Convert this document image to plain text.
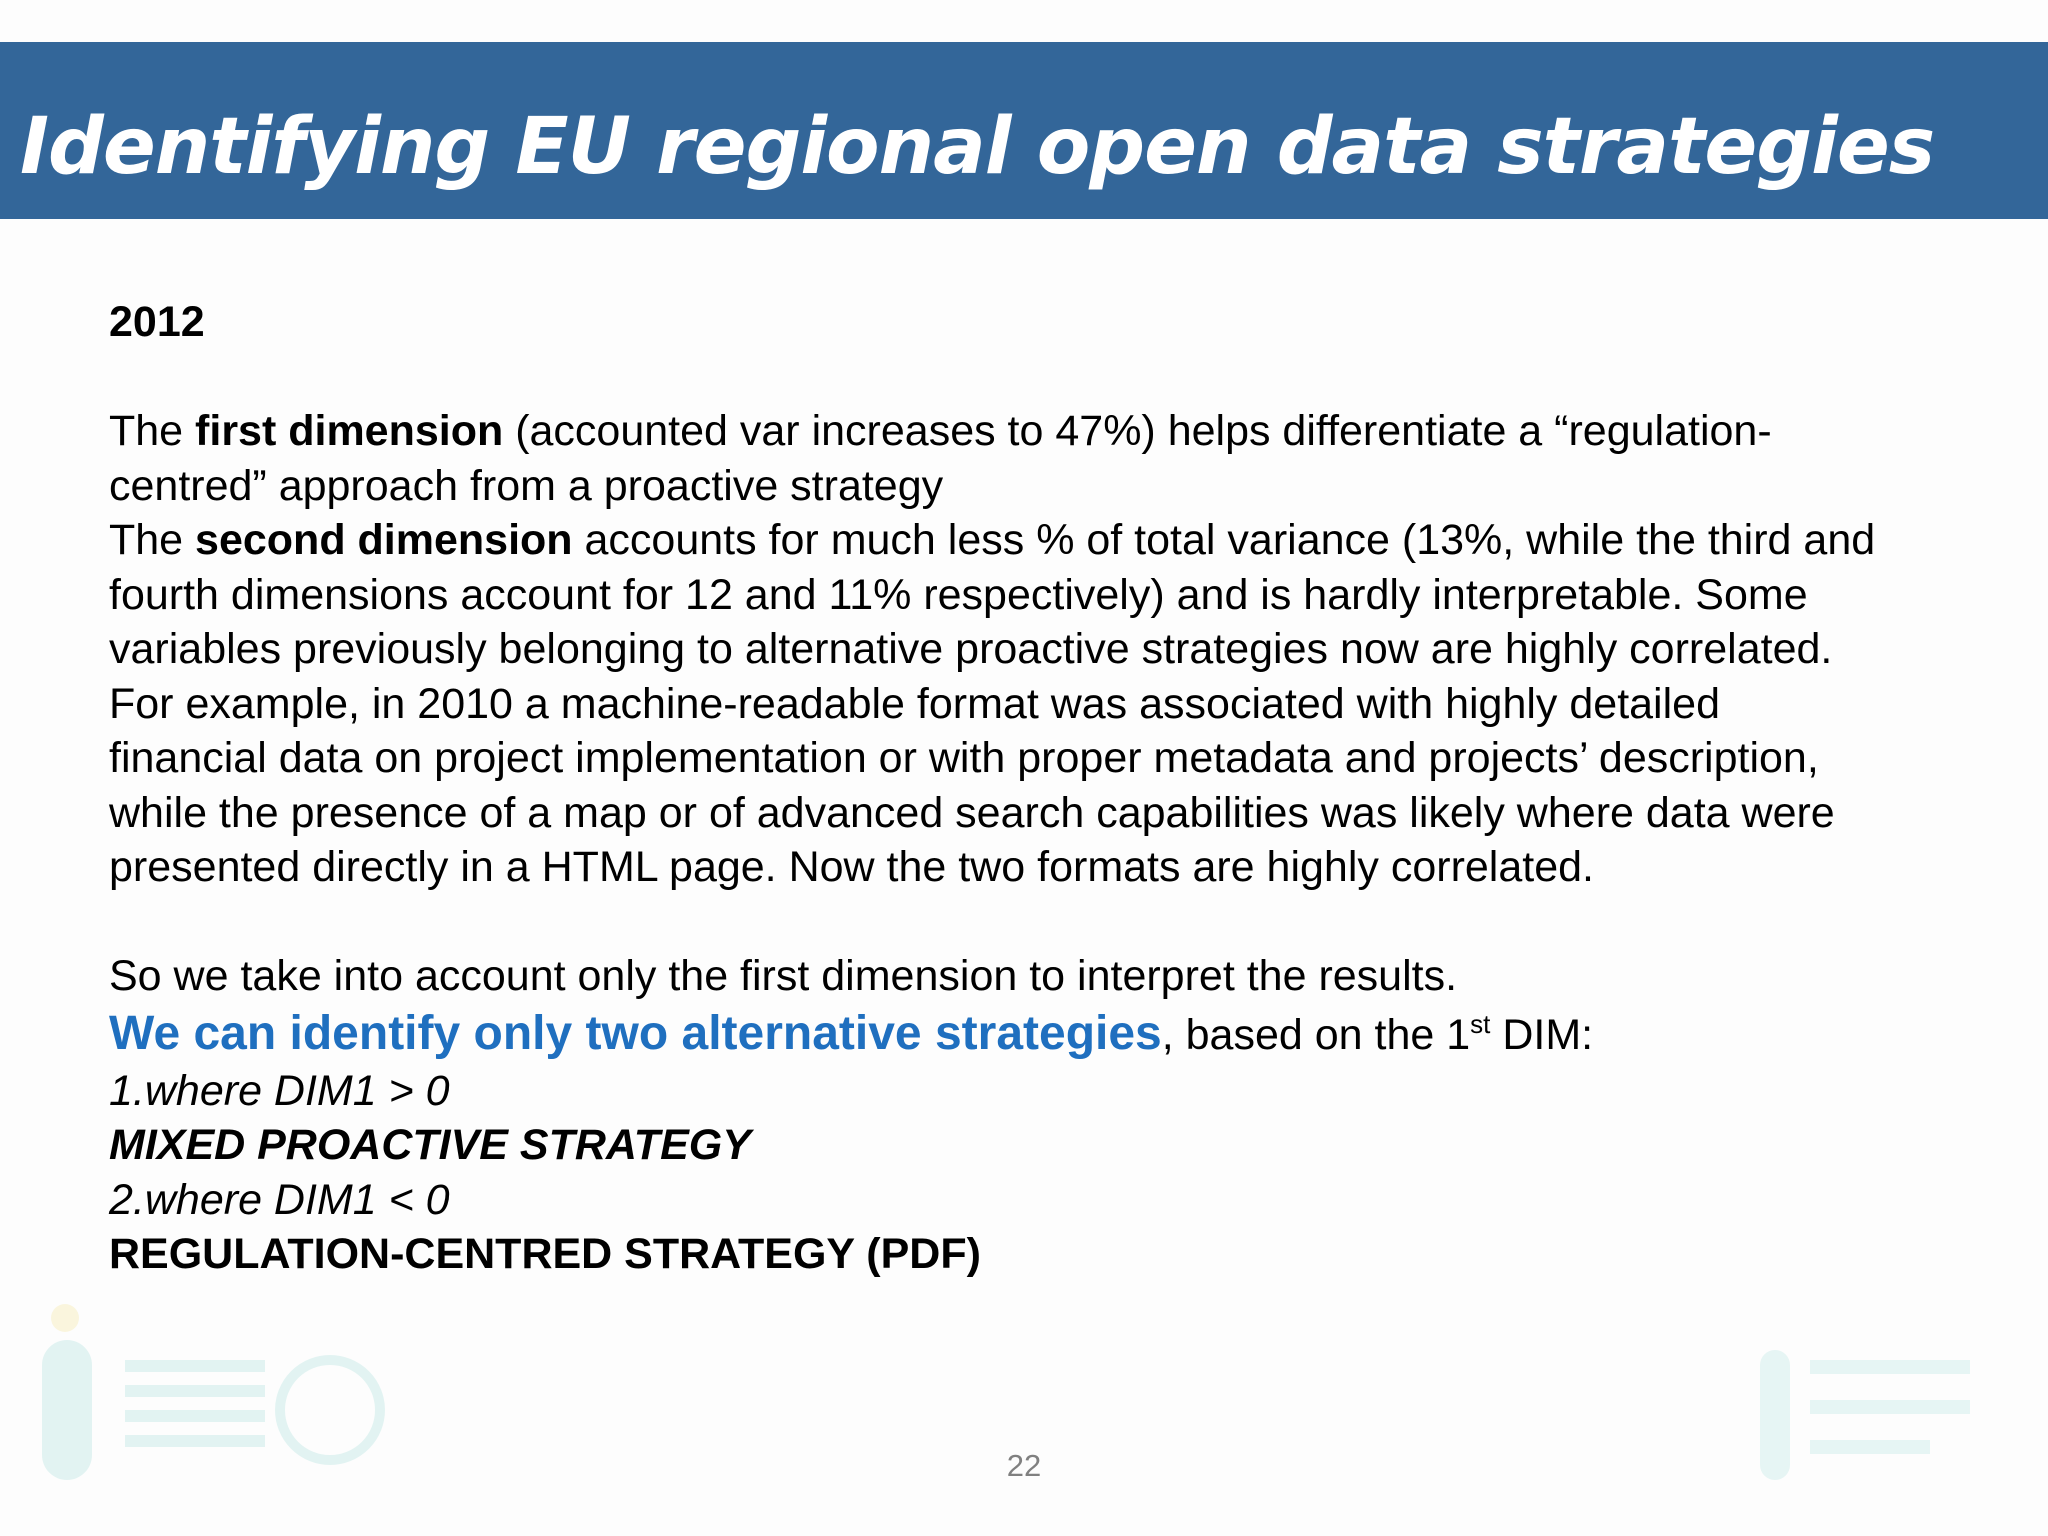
Identifying EU regional open data strategies
2012
The first dimension (accounted var increases to 47%) helps differentiate a “regulation-
centred” approach from a proactive strategy
The second dimension accounts for much less % of total variance (13%, while the third and
fourth dimensions account for 12 and 11% respectively) and is hardly interpretable. Some
variables previously belonging to alternative proactive strategies now are highly correlated.
For example, in 2010 a machine-readable format was associated with highly detailed
financial data on project implementation or with proper metadata and projects’ description,
while the presence of a map or of advanced search capabilities was likely where data were
presented directly in a HTML page. Now the two formats are highly correlated.
So we take into account only the first dimension to interpret the results.
We can identify only two alternative strategies, based on the 1st DIM:
1.where DIM1 > 0
MIXED PROACTIVE STRATEGY
2.where DIM1 < 0
REGULATION-CENTRED STRATEGY (PDF)
22
